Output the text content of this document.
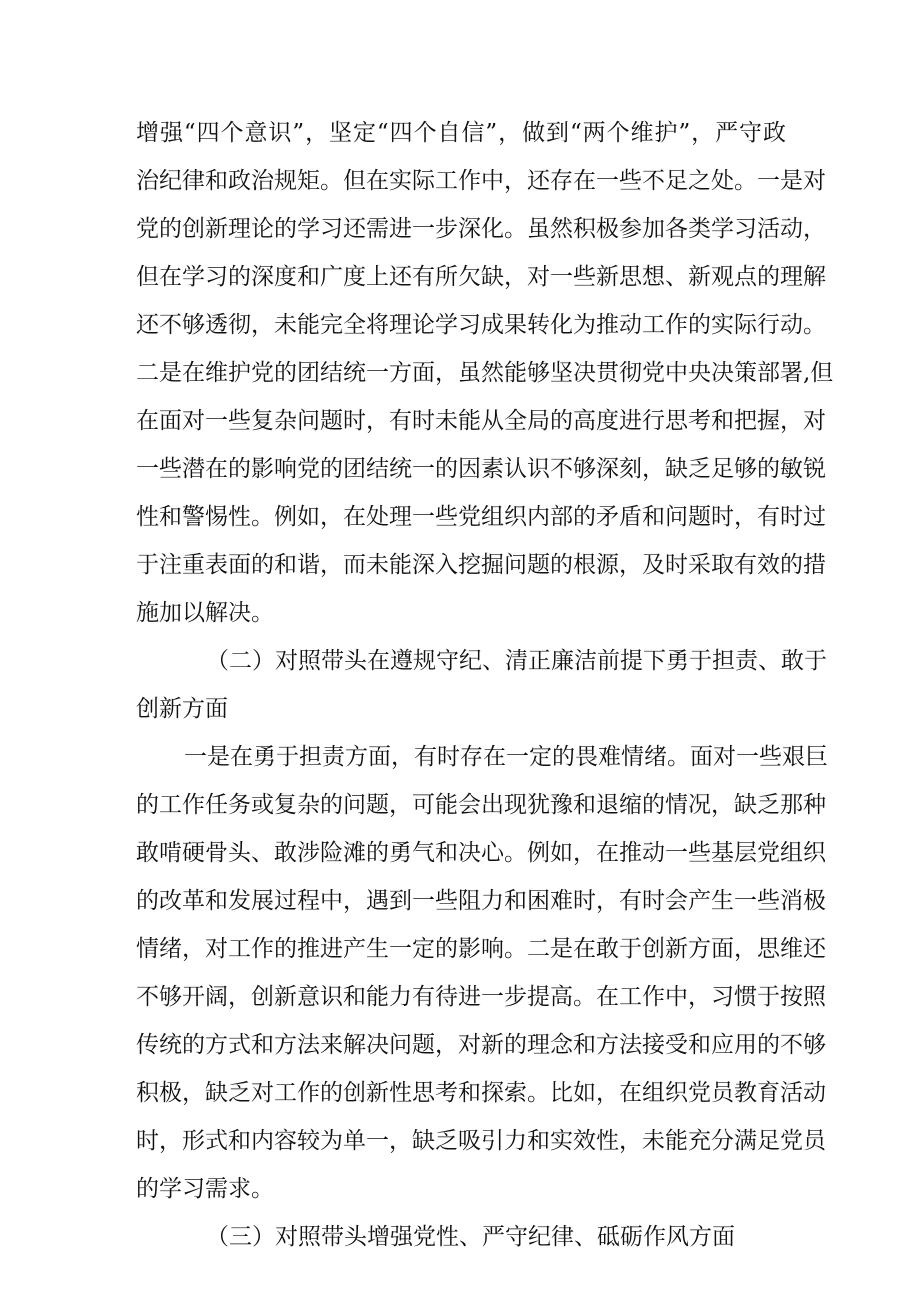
增强“四个意识”，坚定“四个自信”，做到“两个维护”，严守政
治纪律和政治规矩。但在实际工作中，还存在一些不足之处。一是对
党的创新理论的学习还需进一步深化。虽然积极参加各类学习活动，
但在学习的深度和广度上还有所欠缺，对一些新思想、新观点的理解
还不够透彻，未能完全将理论学习成果转化为推动工作的实际行动。
二是在维护党的团结统一方面，虽然能够坚决贯彻党中央决策部署,但
在面对一些复杂问题时，有时未能从全局的高度进行思考和把握，对
一些潜在的影响党的团结统一的因素认识不够深刻，缺乏足够的敏锐
性和警惕性。例如，在处理一些党组织内部的矛盾和问题时，有时过
于注重表面的和谐，而未能深入挖掘问题的根源，及时采取有效的措
施加以解决。
（二）对照带头在遵规守纪、清正廉洁前提下勇于担责、敢于
创新方面
一是在勇于担责方面，有时存在一定的畏难情绪。面对一些艰巨
的工作任务或复杂的问题，可能会出现犹豫和退缩的情况，缺乏那种
敢啃硬骨头、敢涉险滩的勇气和决心。例如，在推动一些基层党组织
的改革和发展过程中，遇到一些阻力和困难时，有时会产生一些消极
情绪，对工作的推进产生一定的影响。二是在敢于创新方面，思维还
不够开阔，创新意识和能力有待进一步提高。在工作中，习惯于按照
传统的方式和方法来解决问题，对新的理念和方法接受和应用的不够
积极，缺乏对工作的创新性思考和探索。比如，在组织党员教育活动
时，形式和内容较为单一，缺乏吸引力和实效性，未能充分满足党员
的学习需求。
（三）对照带头增强党性、严守纪律、砥砺作风方面
